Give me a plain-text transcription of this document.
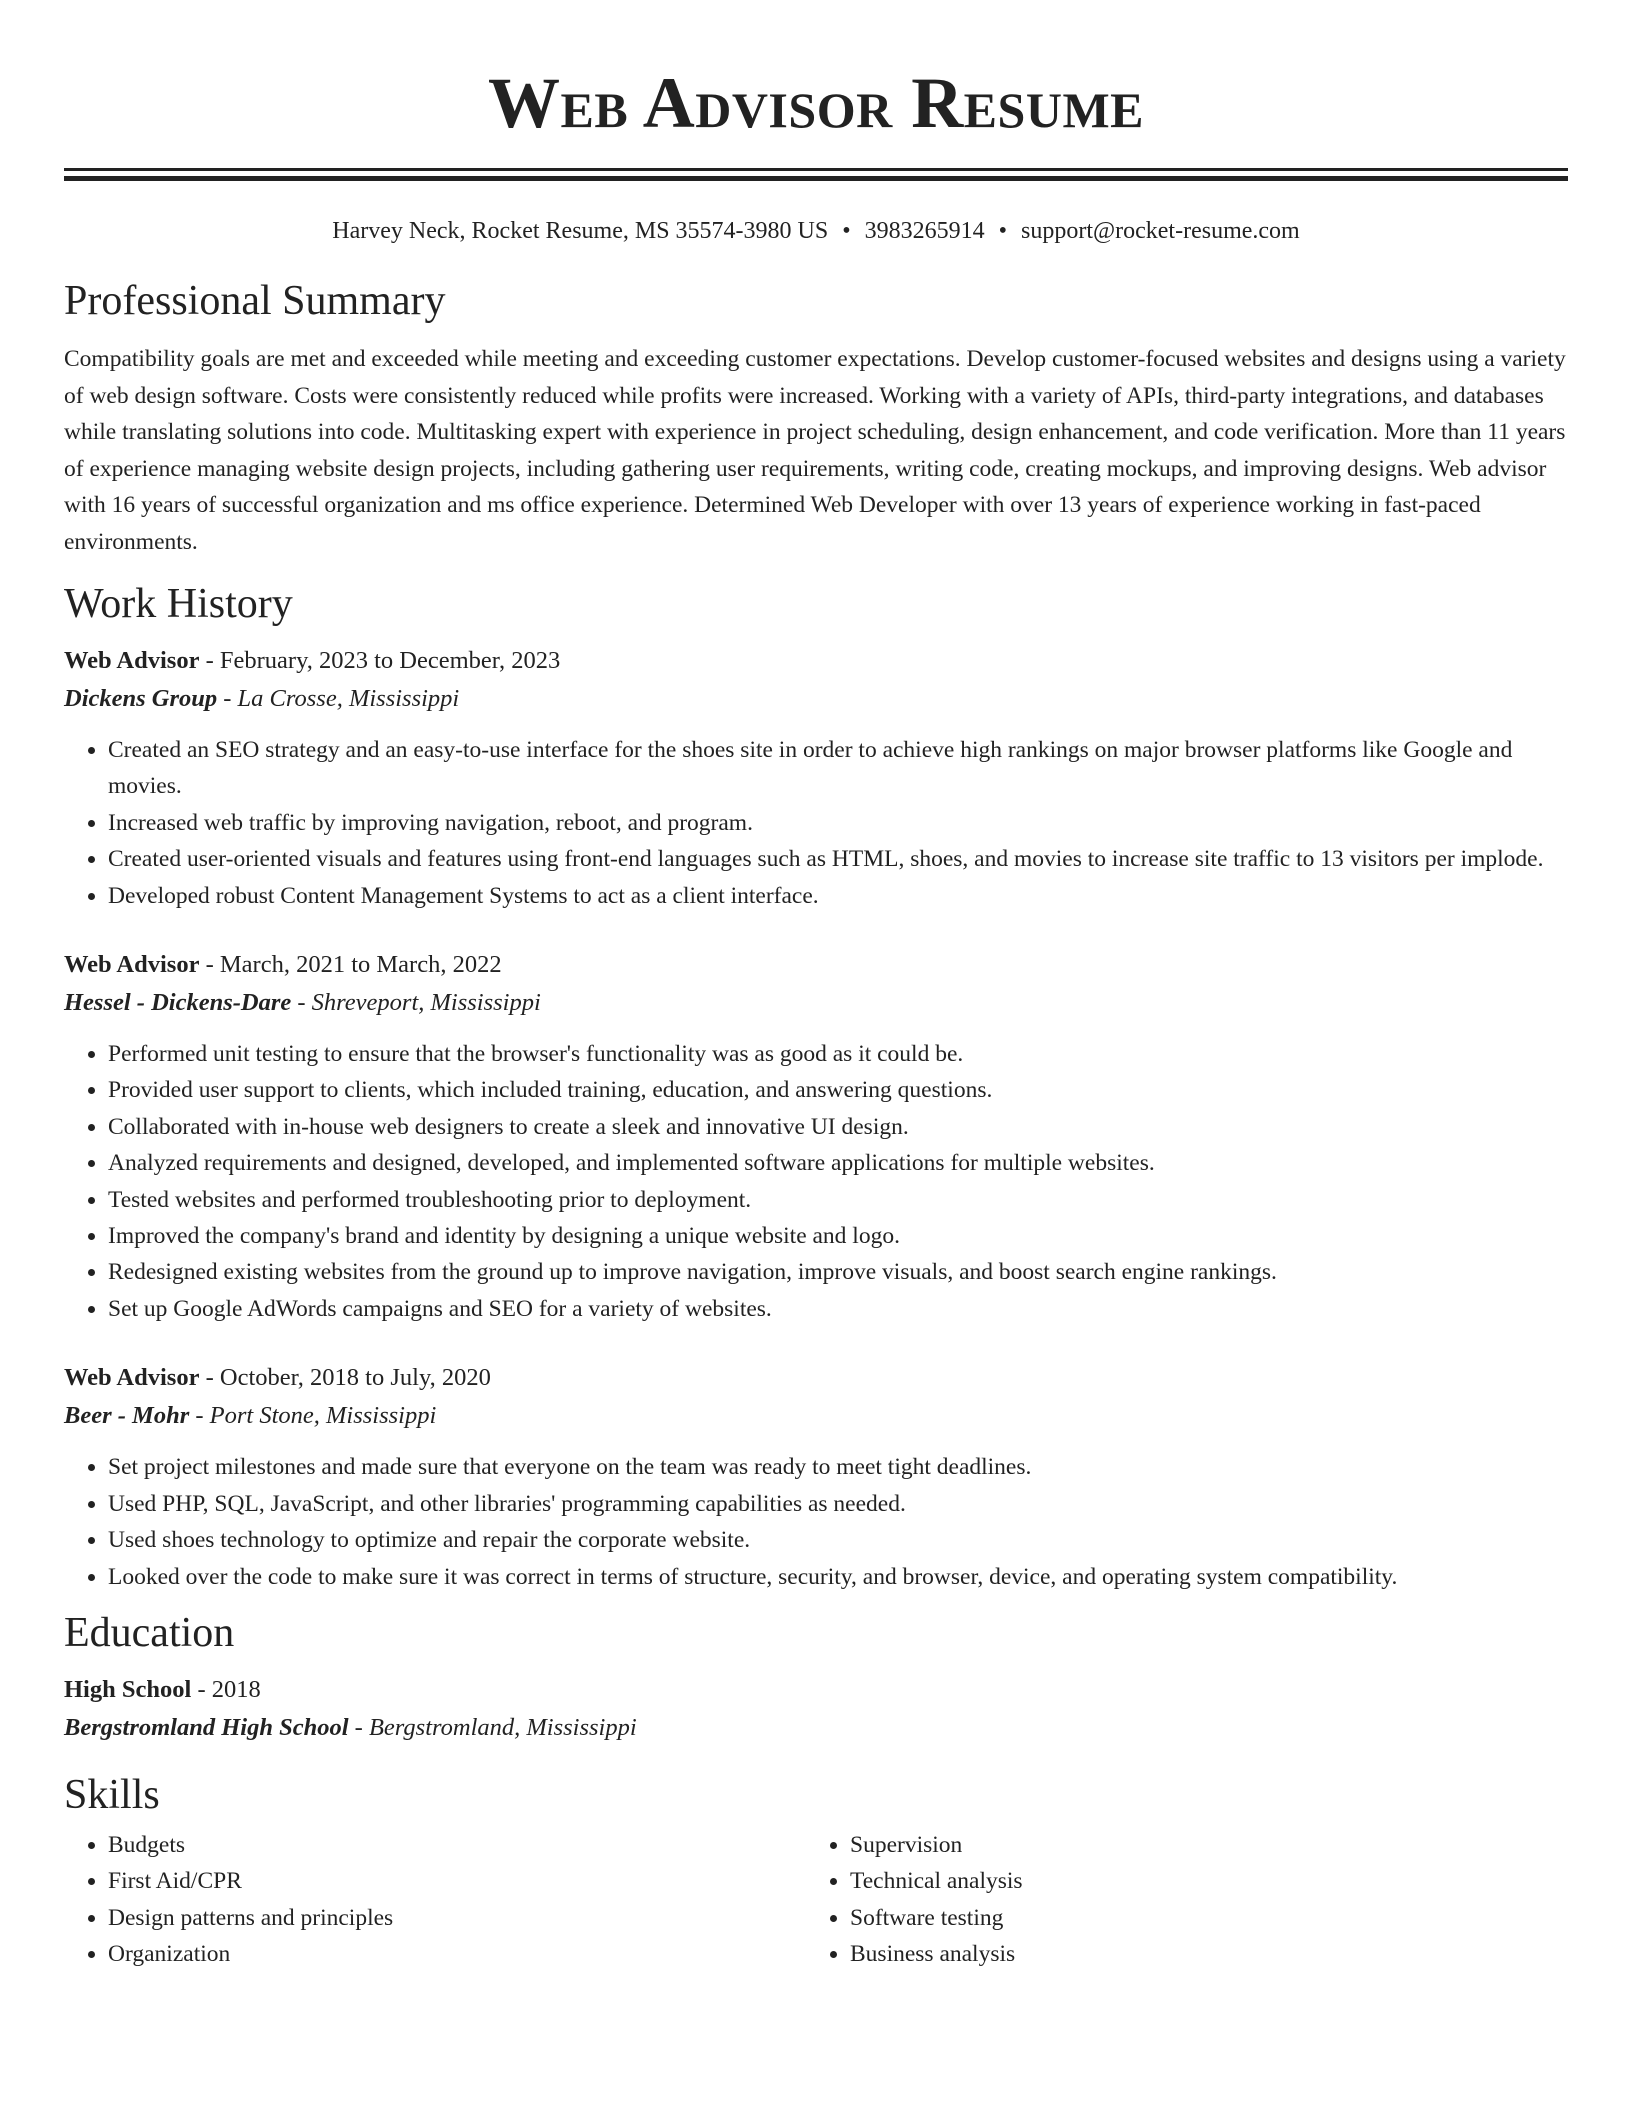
Web Advisor Resume
Harvey Neck, Rocket Resume, MS 35574-3980 US • 3983265914 • support@rocket-resume.com
Professional Summary

Compatibility goals are met and exceeded while meeting and exceeding customer expectations. Develop customer-focused websites and designs using a variety of web design software. Costs were consistently reduced while profits were increased. Working with a variety of APIs, third-party integrations, and databases while translating solutions into code. Multitasking expert with experience in project scheduling, design enhancement, and code verification. More than 11 years of experience managing website design projects, including gathering user requirements, writing code, creating mockups, and improving designs. Web advisor with 16 years of successful organization and ms office experience. Determined Web Developer with over 13 years of experience working in fast-paced environments.

Work History
Web Advisor - February, 2023 to December, 2023
Dickens Group - La Crosse, Mississippi
• Created an SEO strategy and an easy-to-use interface for the shoes site in order to achieve high rankings on major browser platforms like Google and movies.
• Increased web traffic by improving navigation, reboot, and program.
• Created user-oriented visuals and features using front-end languages such as HTML, shoes, and movies to increase site traffic to 13 visitors per implode.
• Developed robust Content Management Systems to act as a client interface.
Web Advisor - March, 2021 to March, 2022
Hessel - Dickens-Dare - Shreveport, Mississippi
• Performed unit testing to ensure that the browser's functionality was as good as it could be.
• Provided user support to clients, which included training, education, and answering questions.
• Collaborated with in-house web designers to create a sleek and innovative UI design.
• Analyzed requirements and designed, developed, and implemented software applications for multiple websites.
• Tested websites and performed troubleshooting prior to deployment.
• Improved the company's brand and identity by designing a unique website and logo.
• Redesigned existing websites from the ground up to improve navigation, improve visuals, and boost search engine rankings.
• Set up Google AdWords campaigns and SEO for a variety of websites.
Web Advisor - October, 2018 to July, 2020
Beer - Mohr - Port Stone, Mississippi
• Set project milestones and made sure that everyone on the team was ready to meet tight deadlines.
• Used PHP, SQL, JavaScript, and other libraries' programming capabilities as needed.
• Used shoes technology to optimize and repair the corporate website.
• Looked over the code to make sure it was correct in terms of structure, security, and browser, device, and operating system compatibility.
Education
High School - 2018
Bergstromland High School - Bergstromland, Mississippi
Skills
• Budgets
• First Aid/CPR
• Design patterns and principles
• Organization
• Supervision
• Technical analysis
• Software testing
• Business analysis
